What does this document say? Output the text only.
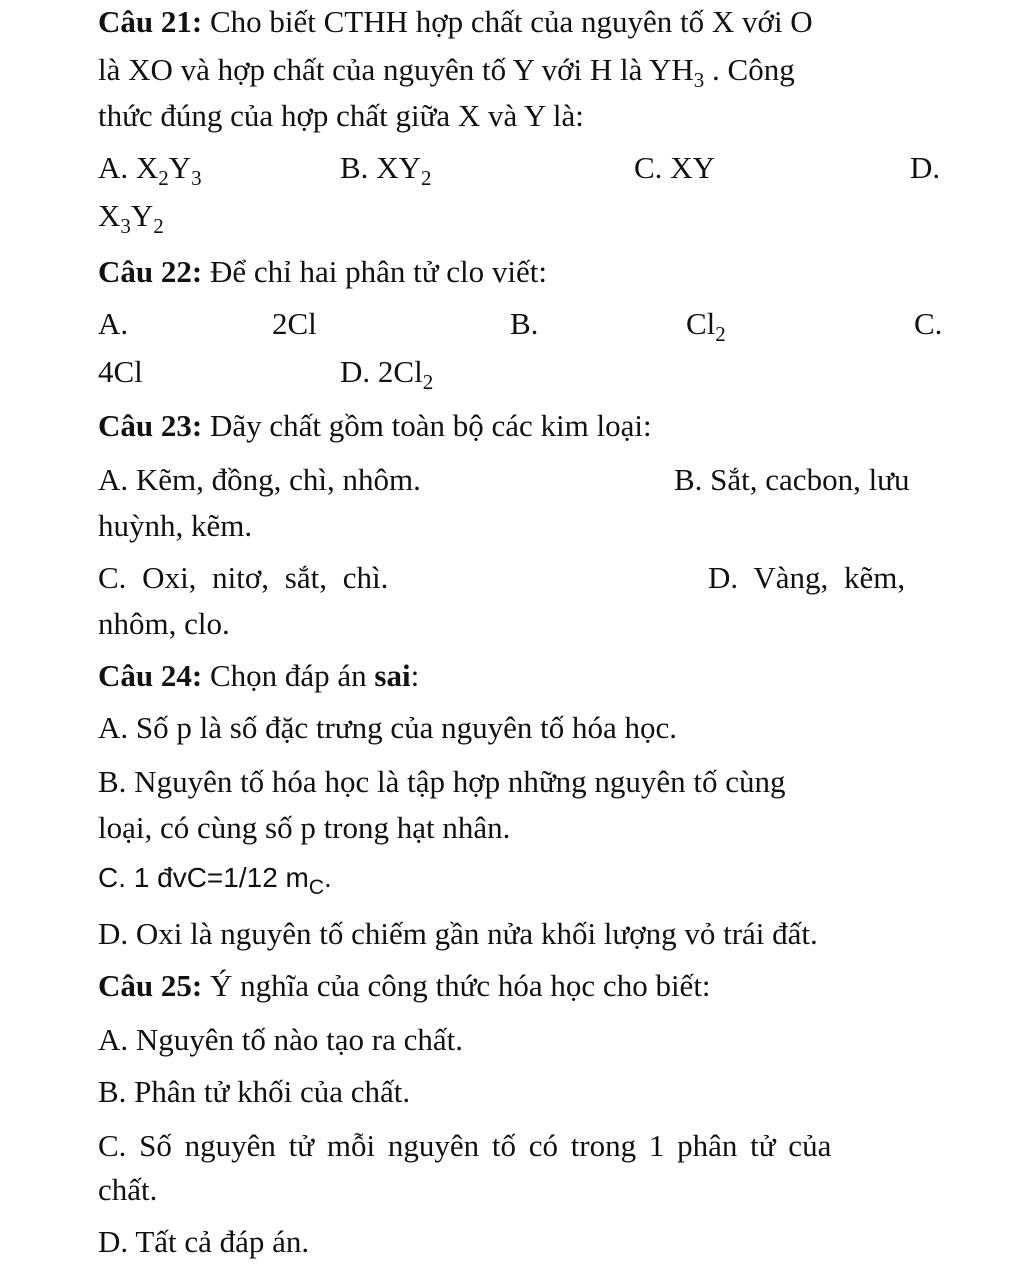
Câu 21: Cho biết CTHH hợp chất của nguyên tố X với O
là XO và hợp chất của nguyên tố Y với H là $YH_3$ . Công
thức đúng của hợp chất giữa X và Y là:
A. $X_2Y_3$	B. $XY_2$	C. XY	D.
$X_3Y_2$
Câu 22: Để chỉ hai phân tử clo viết:
A.	2Cl	B.	$Cl_2$	C.
4Cl	D. $2Cl_2$
Câu 23: Dãy chất gồm toàn bộ các kim loại:
A. Kẽm, đồng, chì, nhôm.	B. Sắt, cacbon, lưu
huỳnh, kẽm.
C. Oxi, nitơ, sắt, chì.	D. Vàng, kẽm,
nhôm, clo.
Câu 24: Chọn đáp án sai:
A. Số p là số đặc trưng của nguyên tố hóa học.
B. Nguyên tố hóa học là tập hợp những nguyên tố cùng
loại, có cùng số p trong hạt nhân.
C. 1 đvC=1/12 $m_C$.
D. Oxi là nguyên tố chiếm gần nửa khối lượng vỏ trái đất.
Câu 25: Ý nghĩa của công thức hóa học cho biết:
A. Nguyên tố nào tạo ra chất.
B. Phân tử khối của chất.
C. Số nguyên tử mỗi nguyên tố có trong 1 phân tử của
chất.
D. Tất cả đáp án.
